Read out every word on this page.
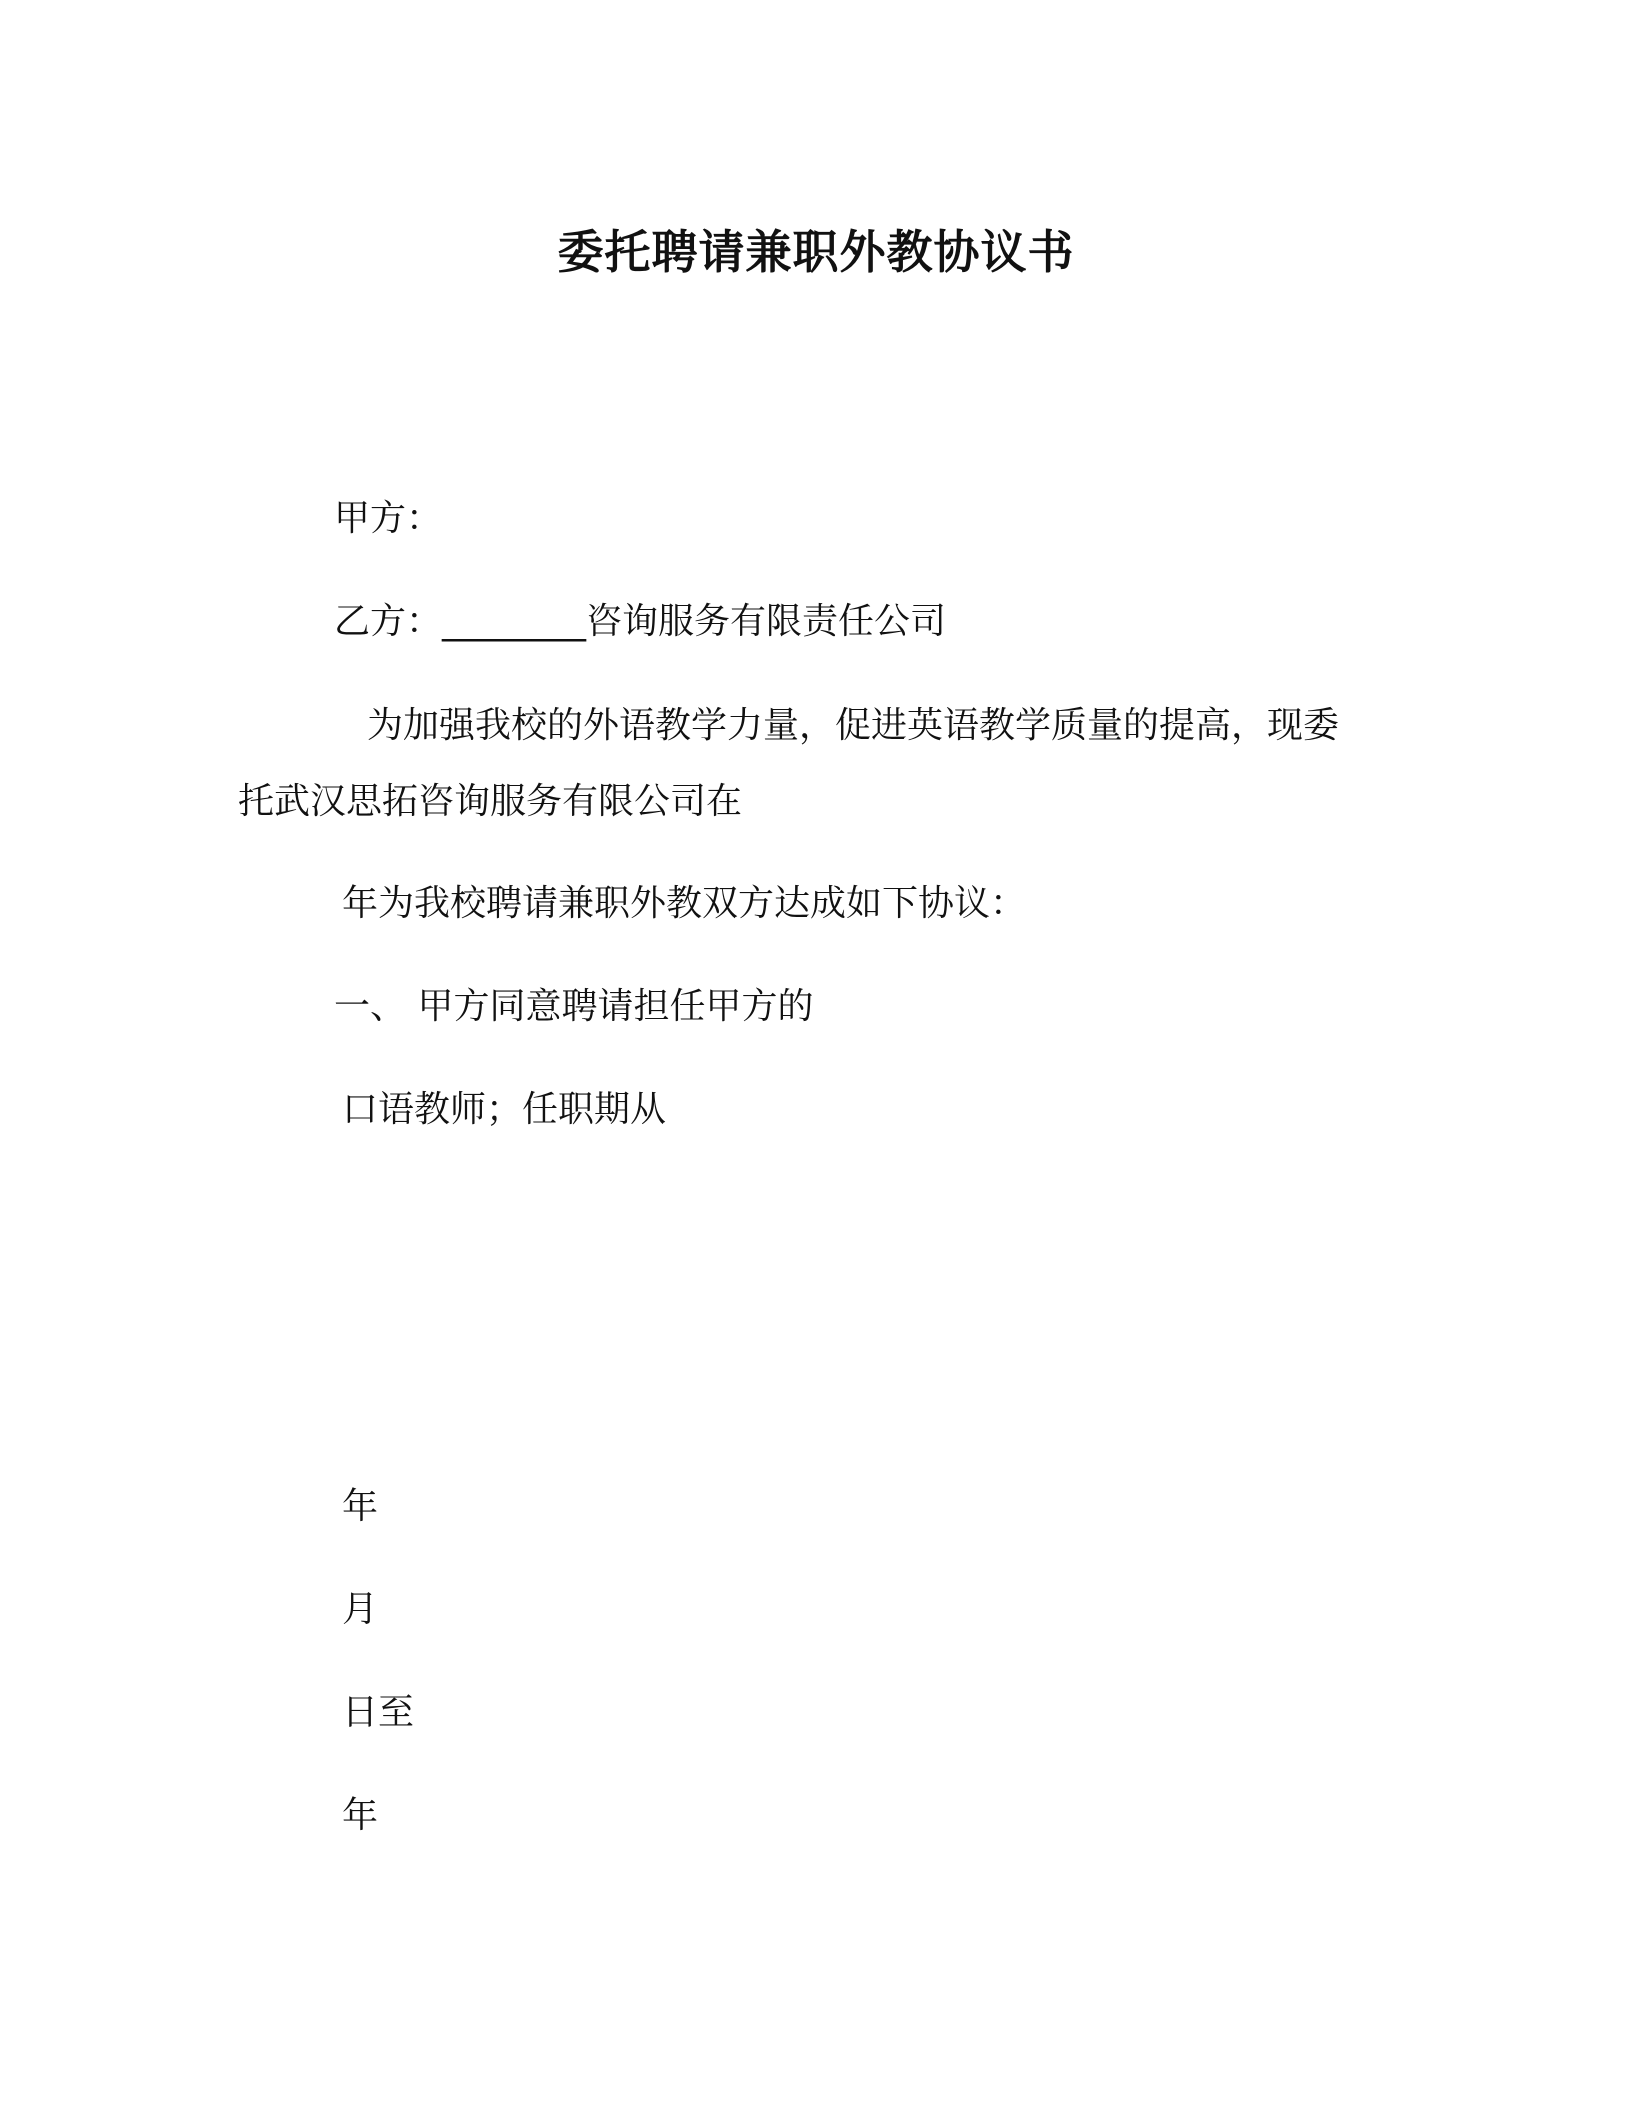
委托聘请兼职外教协议书
甲方：
乙方：________咨询服务有限责任公司
为加强我校的外语教学力量，促进英语教学质量的提高，现委
托武汉思拓咨询服务有限公司在
年为我校聘请兼职外教双方达成如下协议：
一、 甲方同意聘请担任甲方的
口语教师；任职期从
年
月
日至
年
